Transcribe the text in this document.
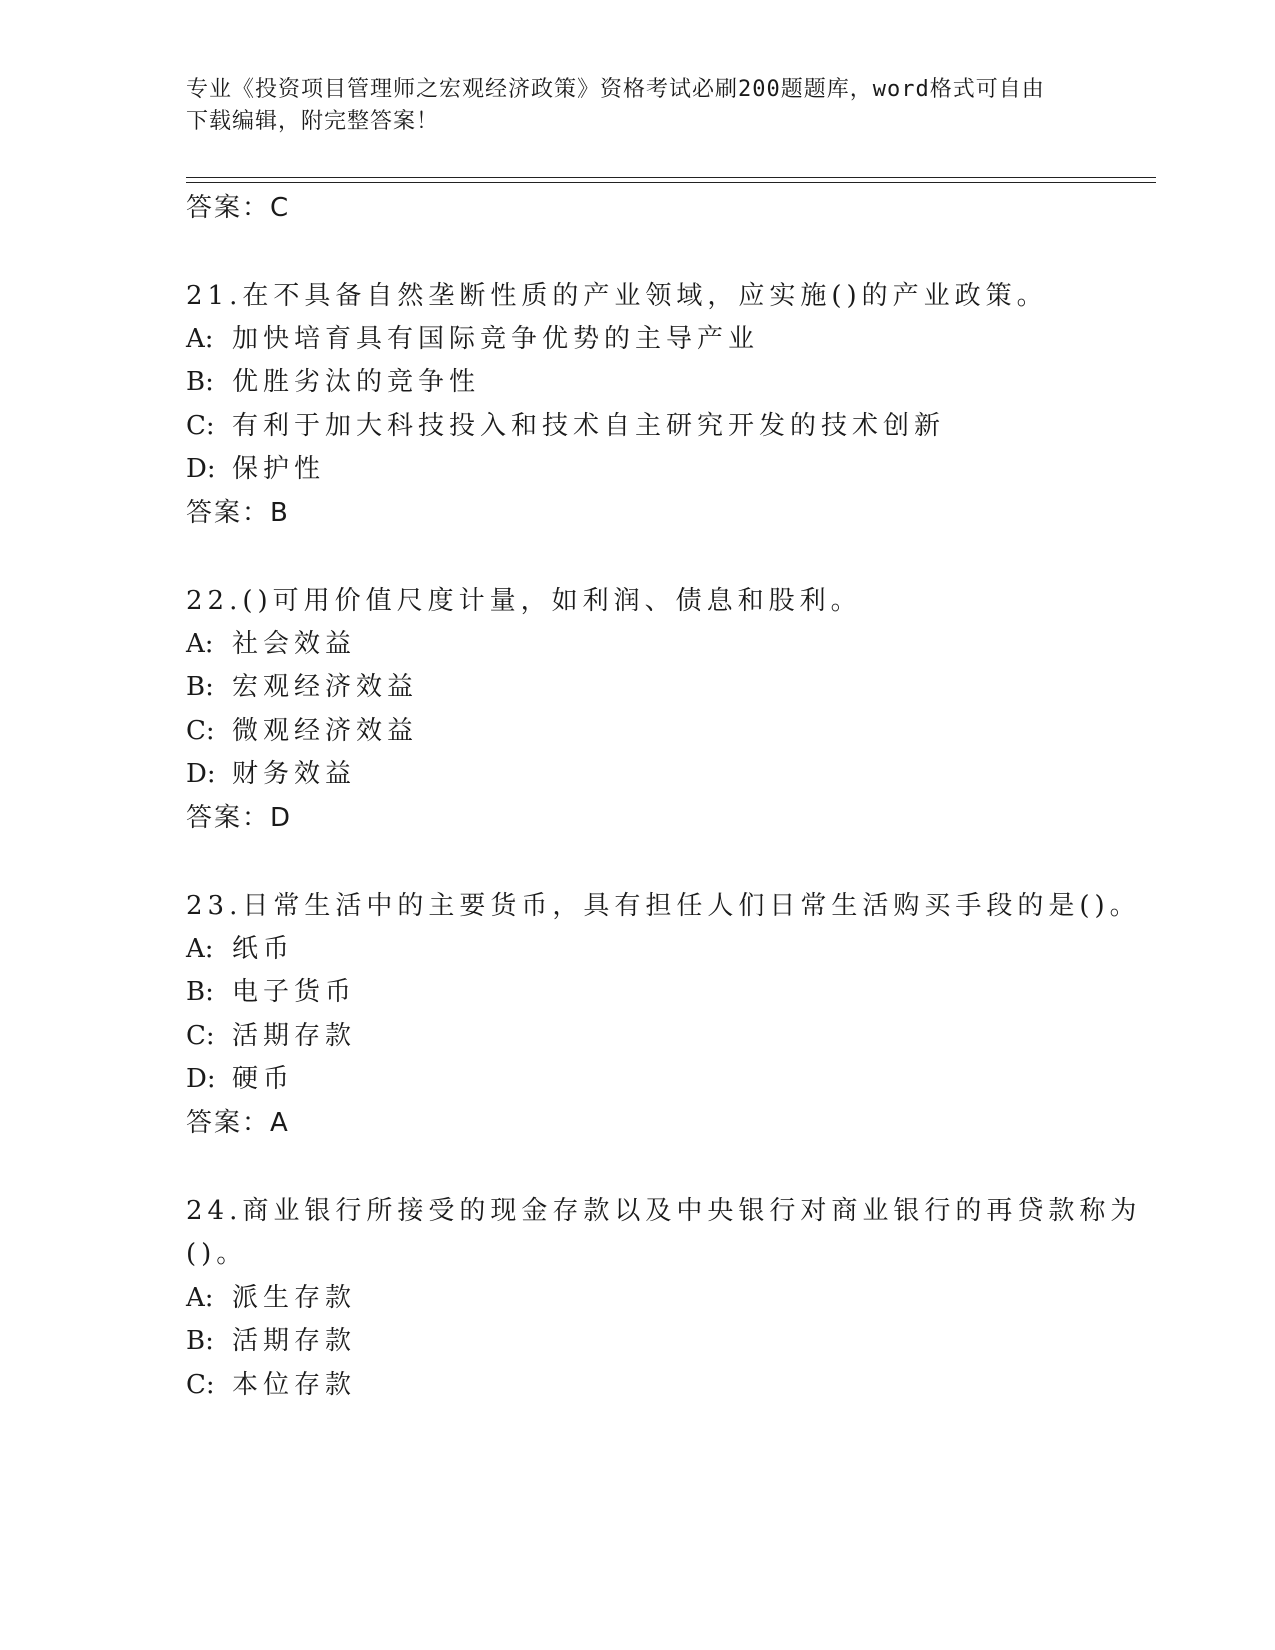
专业《投资项目管理师之宏观经济政策》资格考试必刷200题题库，word格式可自由下载编辑，附完整答案！
答案：C
21.在不具备自然垄断性质的产业领域，应实施()的产业政策。
A: 加快培育具有国际竞争优势的主导产业
B: 优胜劣汰的竞争性
C: 有利于加大科技投入和技术自主研究开发的技术创新
D: 保护性
答案：B
22.()可用价值尺度计量，如利润、债息和股利。
A: 社会效益
B: 宏观经济效益
C: 微观经济效益
D: 财务效益
答案：D
23.日常生活中的主要货币，具有担任人们日常生活购买手段的是()。
A: 纸币
B: 电子货币
C: 活期存款
D: 硬币
答案：A
24.商业银行所接受的现金存款以及中央银行对商业银行的再贷款称为
()。
A: 派生存款
B: 活期存款
C: 本位存款
